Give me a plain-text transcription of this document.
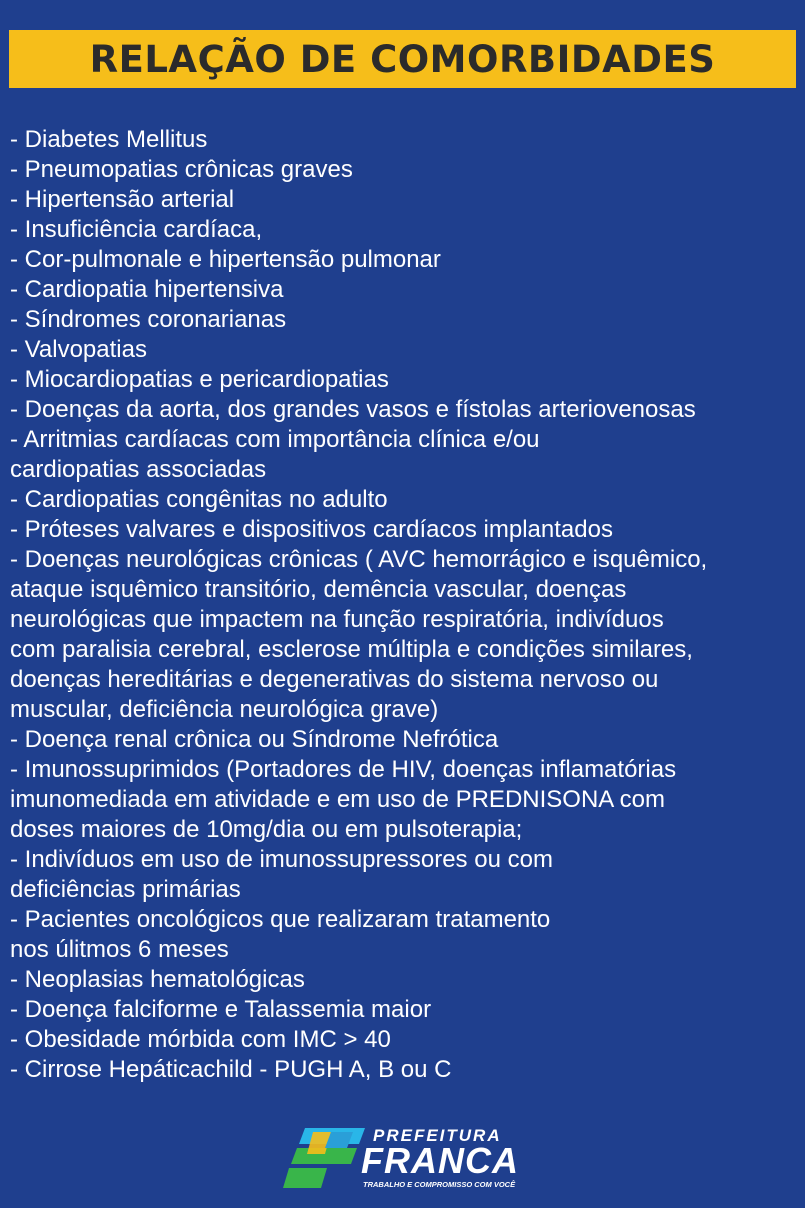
RELAÇÃO DE COMORBIDADES
- Diabetes Mellitus
- Pneumopatias crônicas graves
- Hipertensão arterial
- Insuficiência cardíaca,
- Cor-pulmonale e hipertensão pulmonar
- Cardiopatia hipertensiva
- Síndromes coronarianas
- Valvopatias
- Miocardiopatias e pericardiopatias
- Doenças da aorta, dos grandes vasos e fístolas arteriovenosas
- Arritmias cardíacas com importância clínica e/ou
cardiopatias associadas
- Cardiopatias congênitas no adulto
- Próteses valvares e dispositivos cardíacos implantados
- Doenças neurológicas crônicas ( AVC hemorrágico e isquêmico,
ataque isquêmico transitório, demência vascular, doenças
neurológicas que impactem na função respiratória, indivíduos
com paralisia cerebral, esclerose múltipla e condições similares,
doenças hereditárias e degenerativas do sistema nervoso ou
muscular, deficiência neurológica grave)
- Doença renal crônica ou Síndrome Nefrótica
- Imunossuprimidos (Portadores de HIV, doenças inflamatórias
imunomediada em atividade e em uso de PREDNISONA com
doses maiores de 10mg/dia ou em pulsoterapia;
- Indivíduos em uso de imunossupressores ou com
deficiências primárias
- Pacientes oncológicos que realizaram tratamento
nos úlitmos 6 meses
- Neoplasias hematológicas
- Doença falciforme e Talassemia maior
- Obesidade mórbida com IMC > 40
- Cirrose Hepáticachild - PUGH A, B ou C
PREFEITURA
FRANCA
TRABALHO E COMPROMISSO COM VOCÊ
